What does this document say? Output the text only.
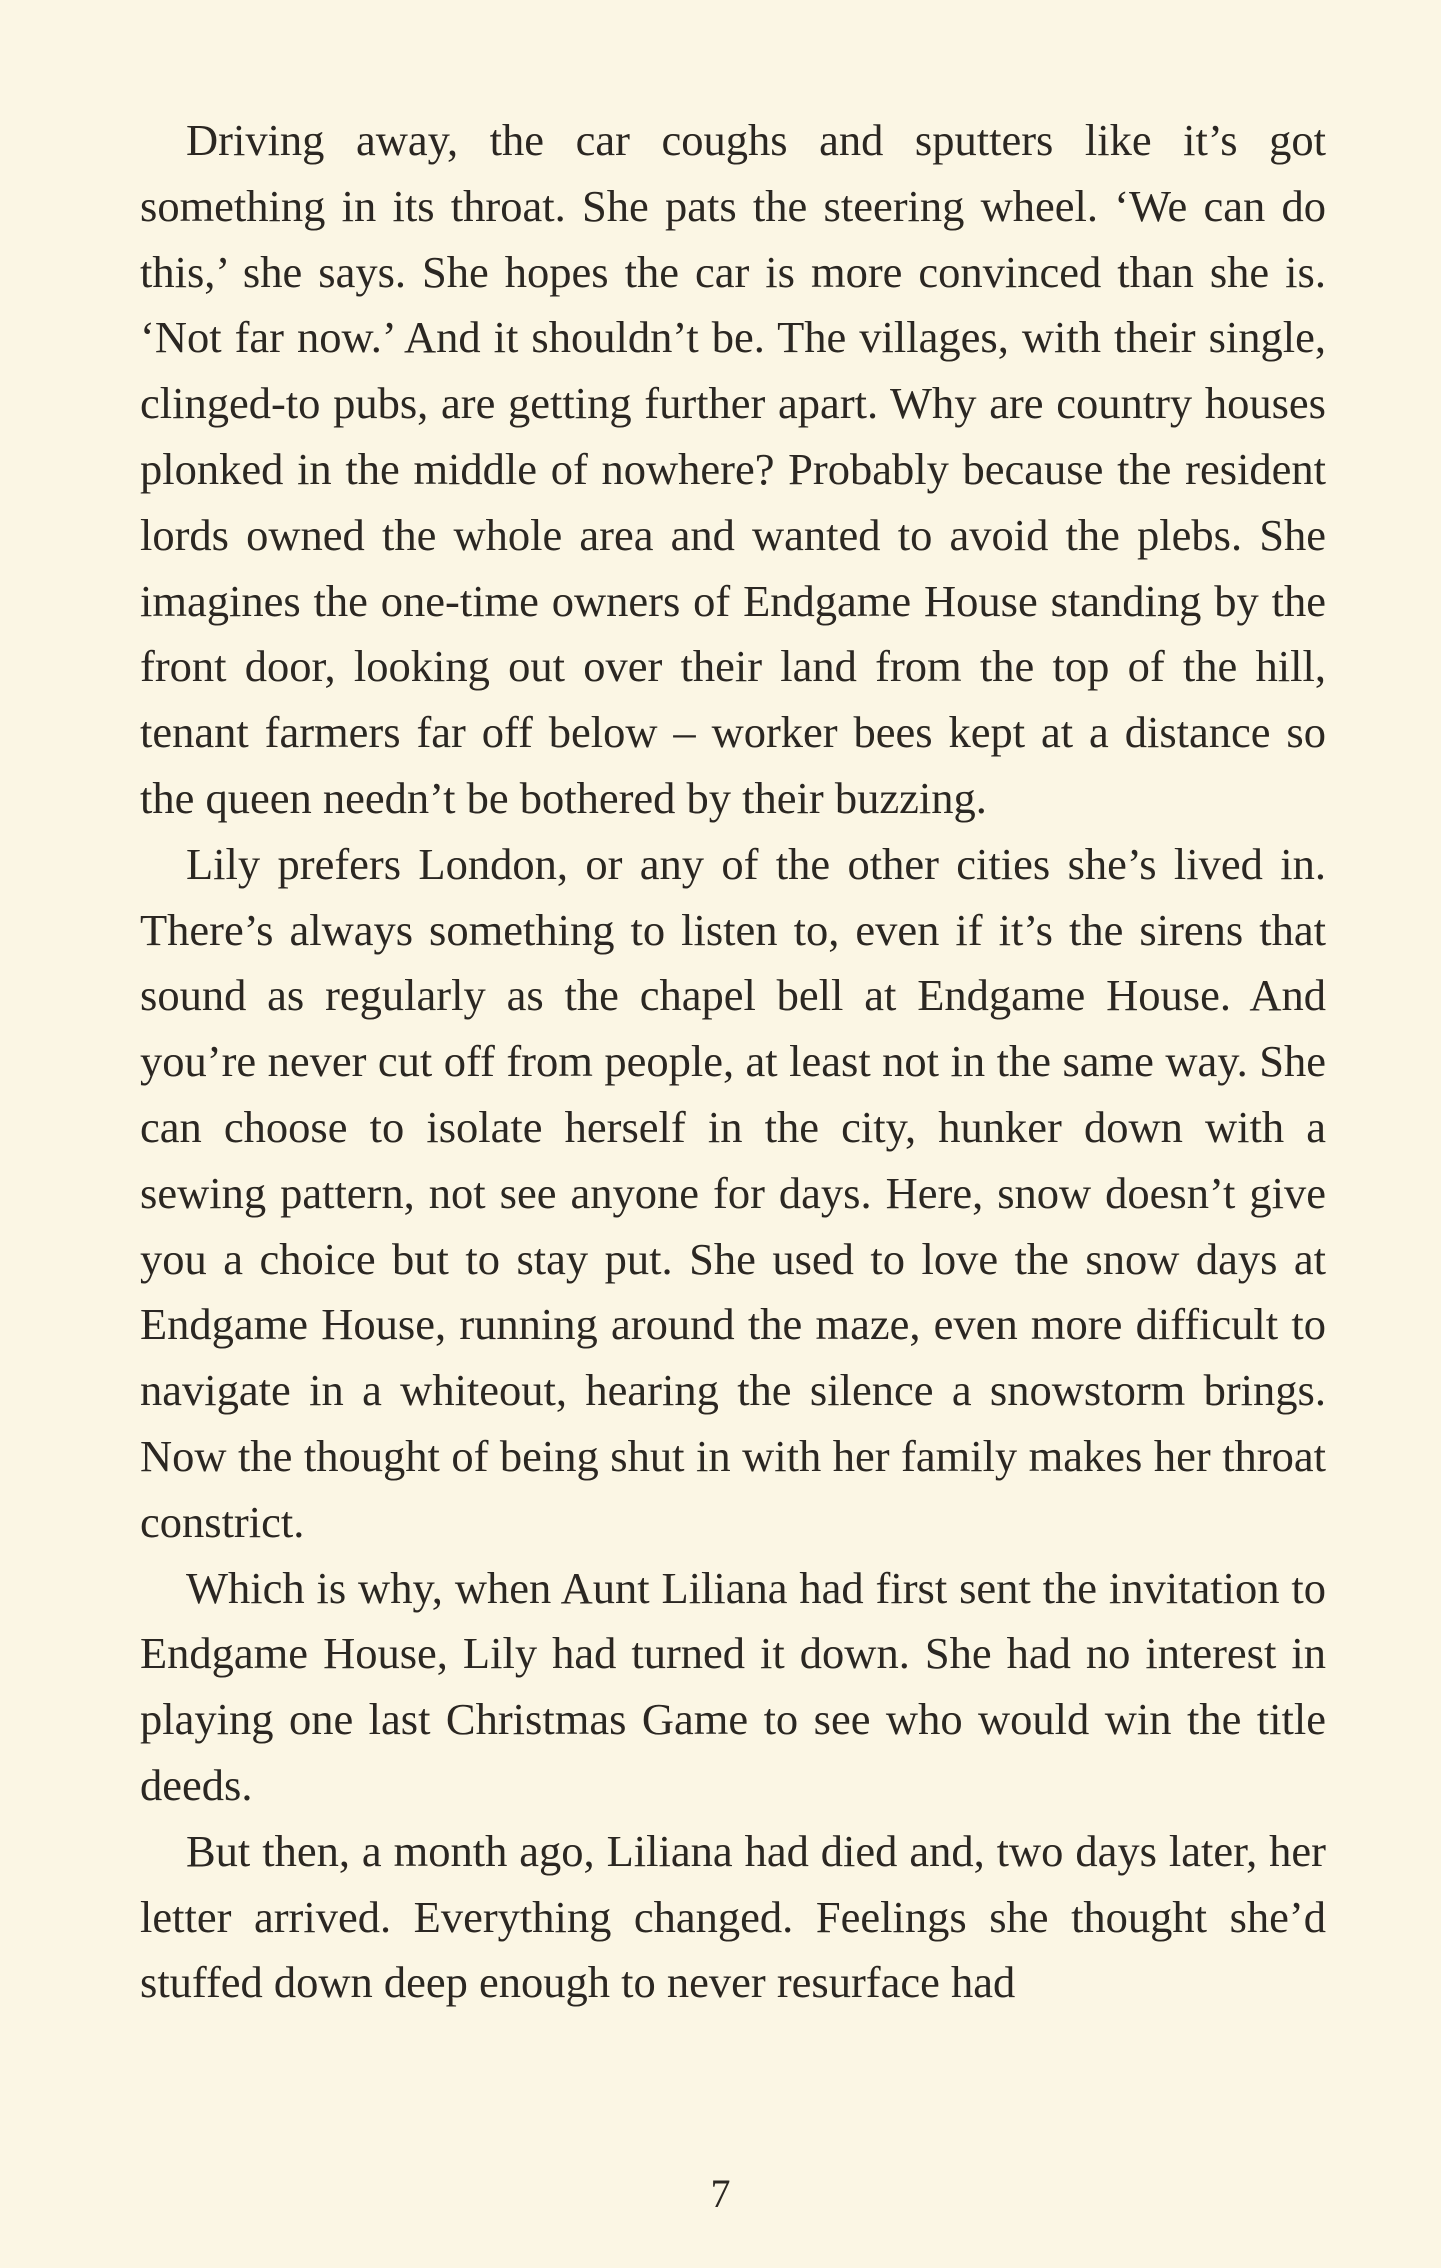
Driving away, the car coughs and sputters like it’s got something in its throat. She pats the steering wheel. ‘We can do this,’ she says. She hopes the car is more convinced than she is. ‘Not far now.’ And it shouldn’t be. The villages, with their single, clinged-to pubs, are getting further apart. Why are country houses plonked in the middle of nowhere? Probably because the resident lords owned the whole area and wanted to avoid the plebs. She imagines the one-time owners of Endgame House standing by the front door, looking out over their land from the top of the hill, tenant farmers far off below – worker bees kept at a distance so the queen needn’t be bothered by their buzzing.

Lily prefers London, or any of the other cities she’s lived in. There’s always something to listen to, even if it’s the sirens that sound as regularly as the chapel bell at Endgame House. And you’re never cut off from people, at least not in the same way. She can choose to isolate herself in the city, hunker down with a sewing pattern, not see anyone for days. Here, snow doesn’t give you a choice but to stay put. She used to love the snow days at Endgame House, running around the maze, even more difficult to navigate in a whiteout, hearing the silence a snowstorm brings. Now the thought of being shut in with her family makes her throat constrict.

Which is why, when Aunt Liliana had first sent the invitation to Endgame House, Lily had turned it down. She had no interest in playing one last Christmas Game to see who would win the title deeds.

But then, a month ago, Liliana had died and, two days later, her letter arrived. Everything changed. Feelings she thought she’d stuffed down deep enough to never resurface had

7
